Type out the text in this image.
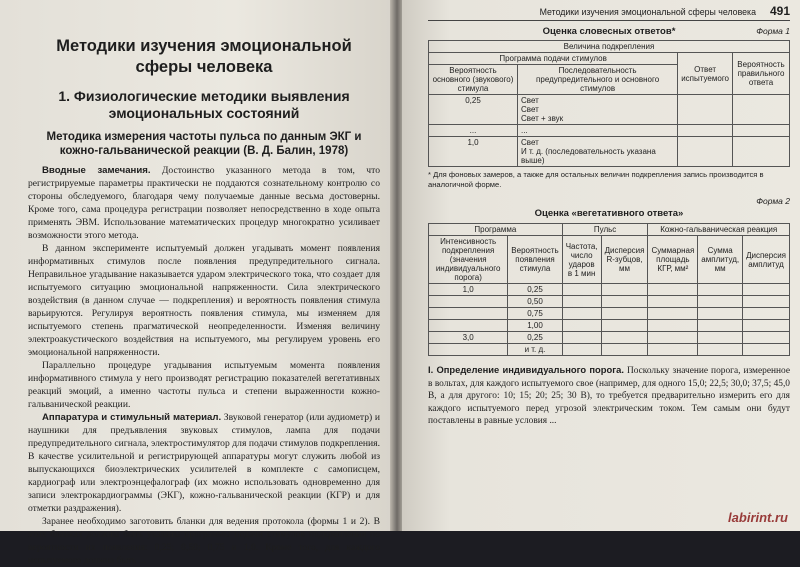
Методики изучения эмоциональной сферы человека
1. Физиологические методики выявления эмоциональных состояний
Методика измерения частоты пульса по данным ЭКГ и кожно-гальванической реакции (В. Д. Балин, 1978)

Вводные замечания. Достоинство указанного метода в том, что регистрируемые параметры практически не поддаются сознательному контролю со стороны обследуемого, благодаря чему получаемые данные весьма достоверны. Кроме того, сама процедура регистрации позволяет непосредственно в ходе опыта применять ЭВМ. Использование математических процедур многократно усиливает возможности этого метода.

В данном эксперименте испытуемый должен угадывать момент появления информативных стимулов после появления предупредительного сигнала. Неправильное угадывание наказывается ударом электрического тока, что создает для испытуемого ситуацию эмоциональной напряженности. Сила электрического воздействия (в данном случае — подкрепления) и вероятность появления стимула варьируются. Регулируя вероятность появления стимула, мы изменяем для испытуемого степень прагматической неопределенности. Изменяя величину электроакустического воздействия на испытуемого, мы регулируем уровень его эмоциональной напряженности.

Параллельно процедуре угадывания испытуемым момента появления информативного стимула у него производят регистрацию показателей вегетативных реакций эмоций, а именно частоты пульса и степени выраженности кожно-гальванической реакции.

Аппаратура и стимульный материал. Звуковой генератор (или аудиометр) и наушники для предъявления звуковых стимулов, лампа для подачи предупредительного сигнала, электростимулятор для подачи стимулов подкрепления. В качестве усилительной и регистрирующей аппаратуры могут служить любой из выпускающихся биоэлектрических усилителей в комплекте с самописцем, кардиограф или электроэнцефалограф (их можно использовать одновременно для записи электрокардиограммы (ЭКГ), кожно-гальванической реакции (КГР) и для отметки раздражения).

Заранее необходимо заготовить бланки для ведения протокола (формы 1 и 2). В этих бланках должны быть указаны программы подачи стимулов подкрепления по вероятности их появления: 0,25; 0,50; 0,75 и 1,0. Кроме того, для каждого испытуемого должна быть ...

Методики изучения эмоциональной сферы человека 491
Форма 1
Оценка словесных ответов*
Величина подкрепления			
Программа подачи стимулов		Ответ испытуемого	Вероятность правильного ответа
Вероятность основного (звукового) стимула	Последовательность предупредительного и основного стимулов		
0,25	Свет
Свет
Свет + звук		

...	...		
1,0	Свет
И т. д. (последовательность указана выше)		

* Для фоновых замеров, а также для остальных величин подкрепления запись производится в аналогичной форме.

Форма 2
Оценка «вегетативного ответа»
Программа		Пульс		Кожно-гальваническая реакция		
Интенсивность подкрепления (значения индивидуального порога)	Вероятность появления стимула	Частота, число ударов в 1 мин	Дисперсия R-зубцов, мм	Суммарная площадь КГР, мм²	Сумма амплитуд, мм	Дисперсия амплитуд
1,0	0,25					
	0,50					
	0,75					
	1,00					
3,0	0,25					
	и т. д.					

I. Определение индивидуального порога. Поскольку значение порога, измеренное в вольтах, для каждого испытуемого свое (например, для одного 15,0; 22,5; 30,0; 37,5; 45,0 В, а для другого: 10; 15; 20; 25; 30 В), то требуется предварительно измерить его для каждого испытуемого перед угрозой электрическим током. Тем самым они будут поставлены в равные условия ...

labirint.ru
